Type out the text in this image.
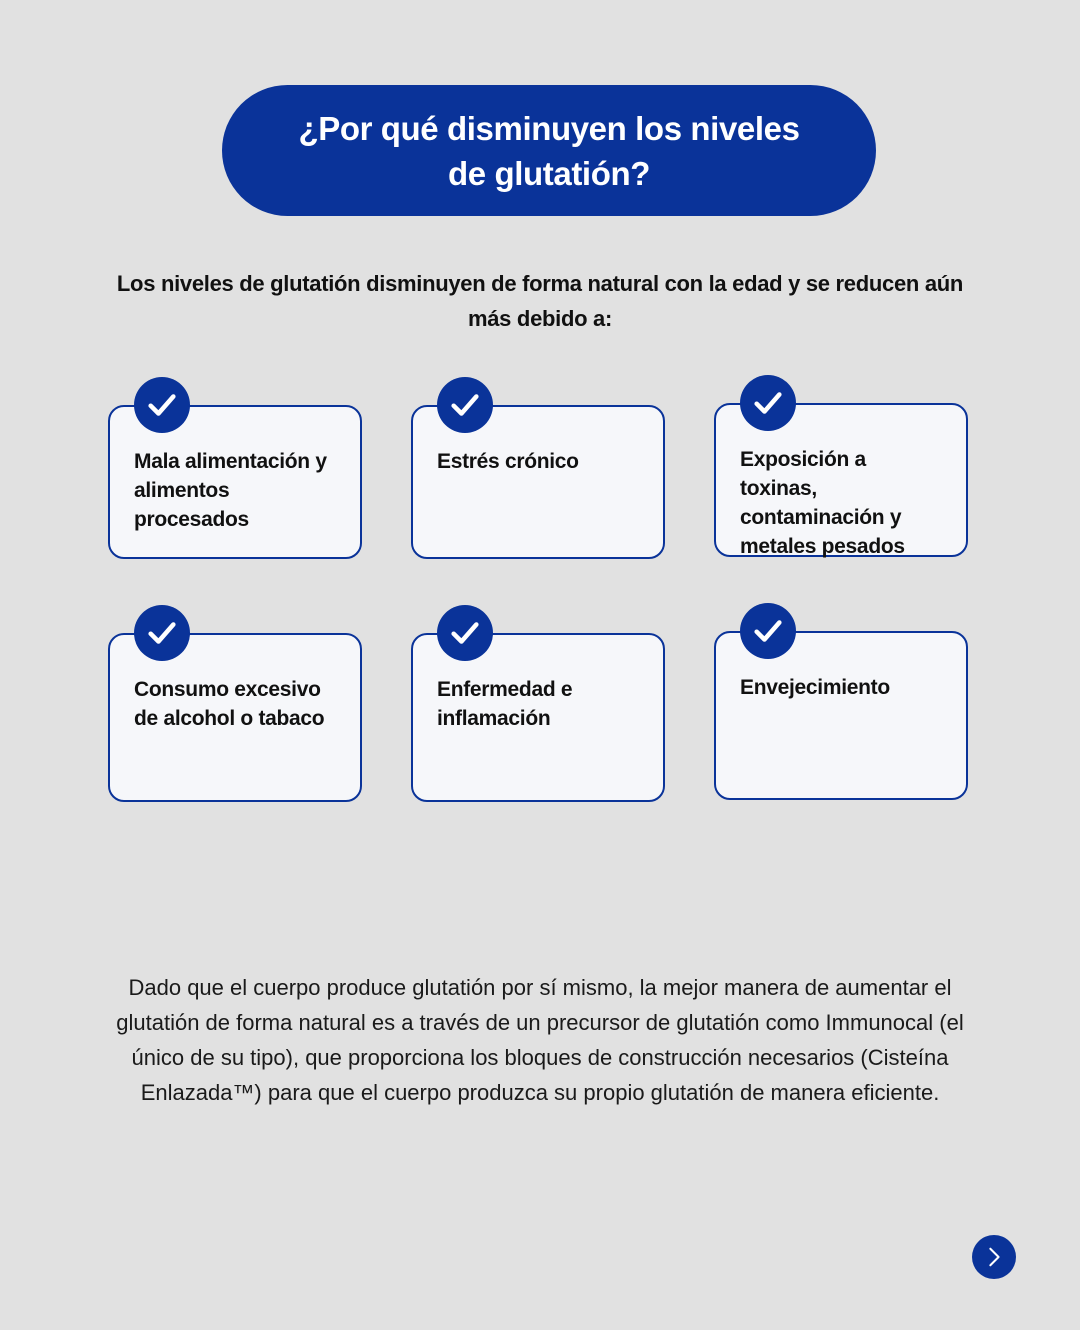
¿Por qué disminuyen los niveles
de glutatión?
Los niveles de glutatión disminuyen de forma natural con la edad y se reducen aún
más debido a:
Mala alimentación y
alimentos
procesados
Estrés crónico	Exposición a toxinas,
contaminación y
metales pesados
Consumo excesivo
de alcohol o tabaco
Enfermedad e
inflamación
Envejecimiento
Dado que el cuerpo produce glutatión por sí mismo, la mejor manera de aumentar el
glutatión de forma natural es a través de un precursor de glutatión como Immunocal (el
único de su tipo), que proporciona los bloques de construcción necesarios (Cisteína
Enlazada™) para que el cuerpo produzca su propio glutatión de manera eficiente.
